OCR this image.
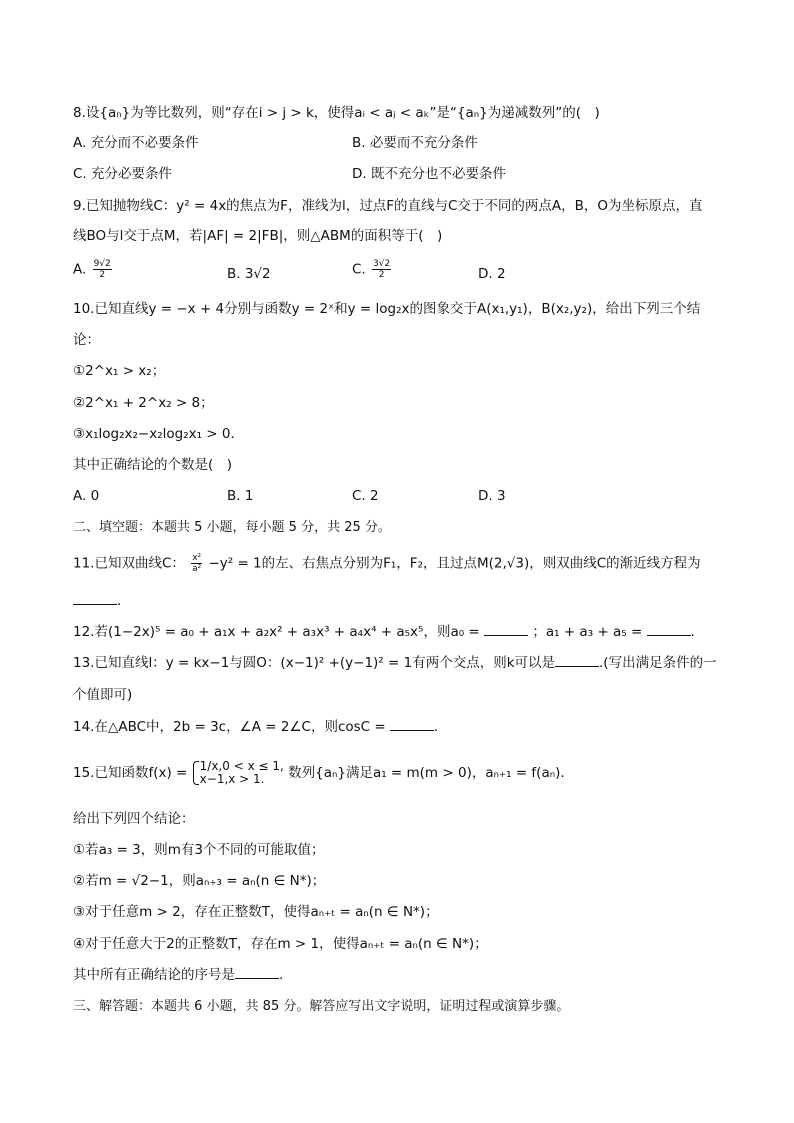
8.设{aₙ}为等比数列，则“存在i > j > k，使得aᵢ < aⱼ < aₖ”是“{aₙ}为递减数列”的(　)
A. 充分而不必要条件	B. 必要而不充分条件
C. 充分必要条件	D. 既不充分也不必要条件
9.已知抛物线C：y² = 4x的焦点为F，准线为l，过点F的直线与C交于不同的两点A，B，O为坐标原点，直
线BO与l交于点M，若|AF| = 2|FB|，则△ABM的面积等于(　)
A. $\frac{9√2}{2}$	B. 3√2	C. $\frac{3√2}{2}$	D. 2
10.已知直线y = −x + 4分别与函数y = 2ˣ和y = log₂x的图象交于A(x₁,y₁)，B(x₂,y₂)，给出下列三个结
论：
①2^x₁ > x₂；
②2^x₁ + 2^x₂ > 8；
③x₁log₂x₂−x₂log₂x₁ > 0.
其中正确结论的个数是(　)
A. 0	B. 1	C. 2	D. 3
二、填空题：本题共 5 小题，每小题 5 分，共 25 分。
11.已知双曲线C： $\frac{\text{x²}}{\text{a²}} -y^2 = 1$的左、右焦点分别为F₁，F₂，且过点M(2,√3)，则双曲线C的渐近线方程为
.
12.若(1−2x)⁵ = a₀ + a₁x + a₂x² + a₃x³ + a₄x⁴ + a₅x⁵，则a₀ =	；a₁ + a₃ + a₅ =	.
13.已知直线l：y = kx−1与圆O：(x−1)² +(y−1)² = 1有两个交点，则k可以是	.(写出满足条件的一
个值即可)
14.在△ABC中，2b = 3c，∠A = 2∠C，则cosC =	.
15.已知函数f(x) = 1/x,0 < x ≤ 1,
x−1,x > 1.	数列{aₙ}满足a₁ = m(m > 0)，aₙ₊₁ = f(aₙ).
给出下列四个结论：
①若a₃ = 3，则m有3个不同的可能取值；
②若m = √2−1，则aₙ₊₃ = aₙ(n ∈ N*)；
③对于任意m > 2，存在正整数T，使得aₙ₊ₜ = aₙ(n ∈ N*)；
④对于任意大于2的正整数T，存在m > 1，使得aₙ₊ₜ = aₙ(n ∈ N*)；
其中所有正确结论的序号是	.
三、解答题：本题共 6 小题，共 85 分。解答应写出文字说明，证明过程或演算步骤。
